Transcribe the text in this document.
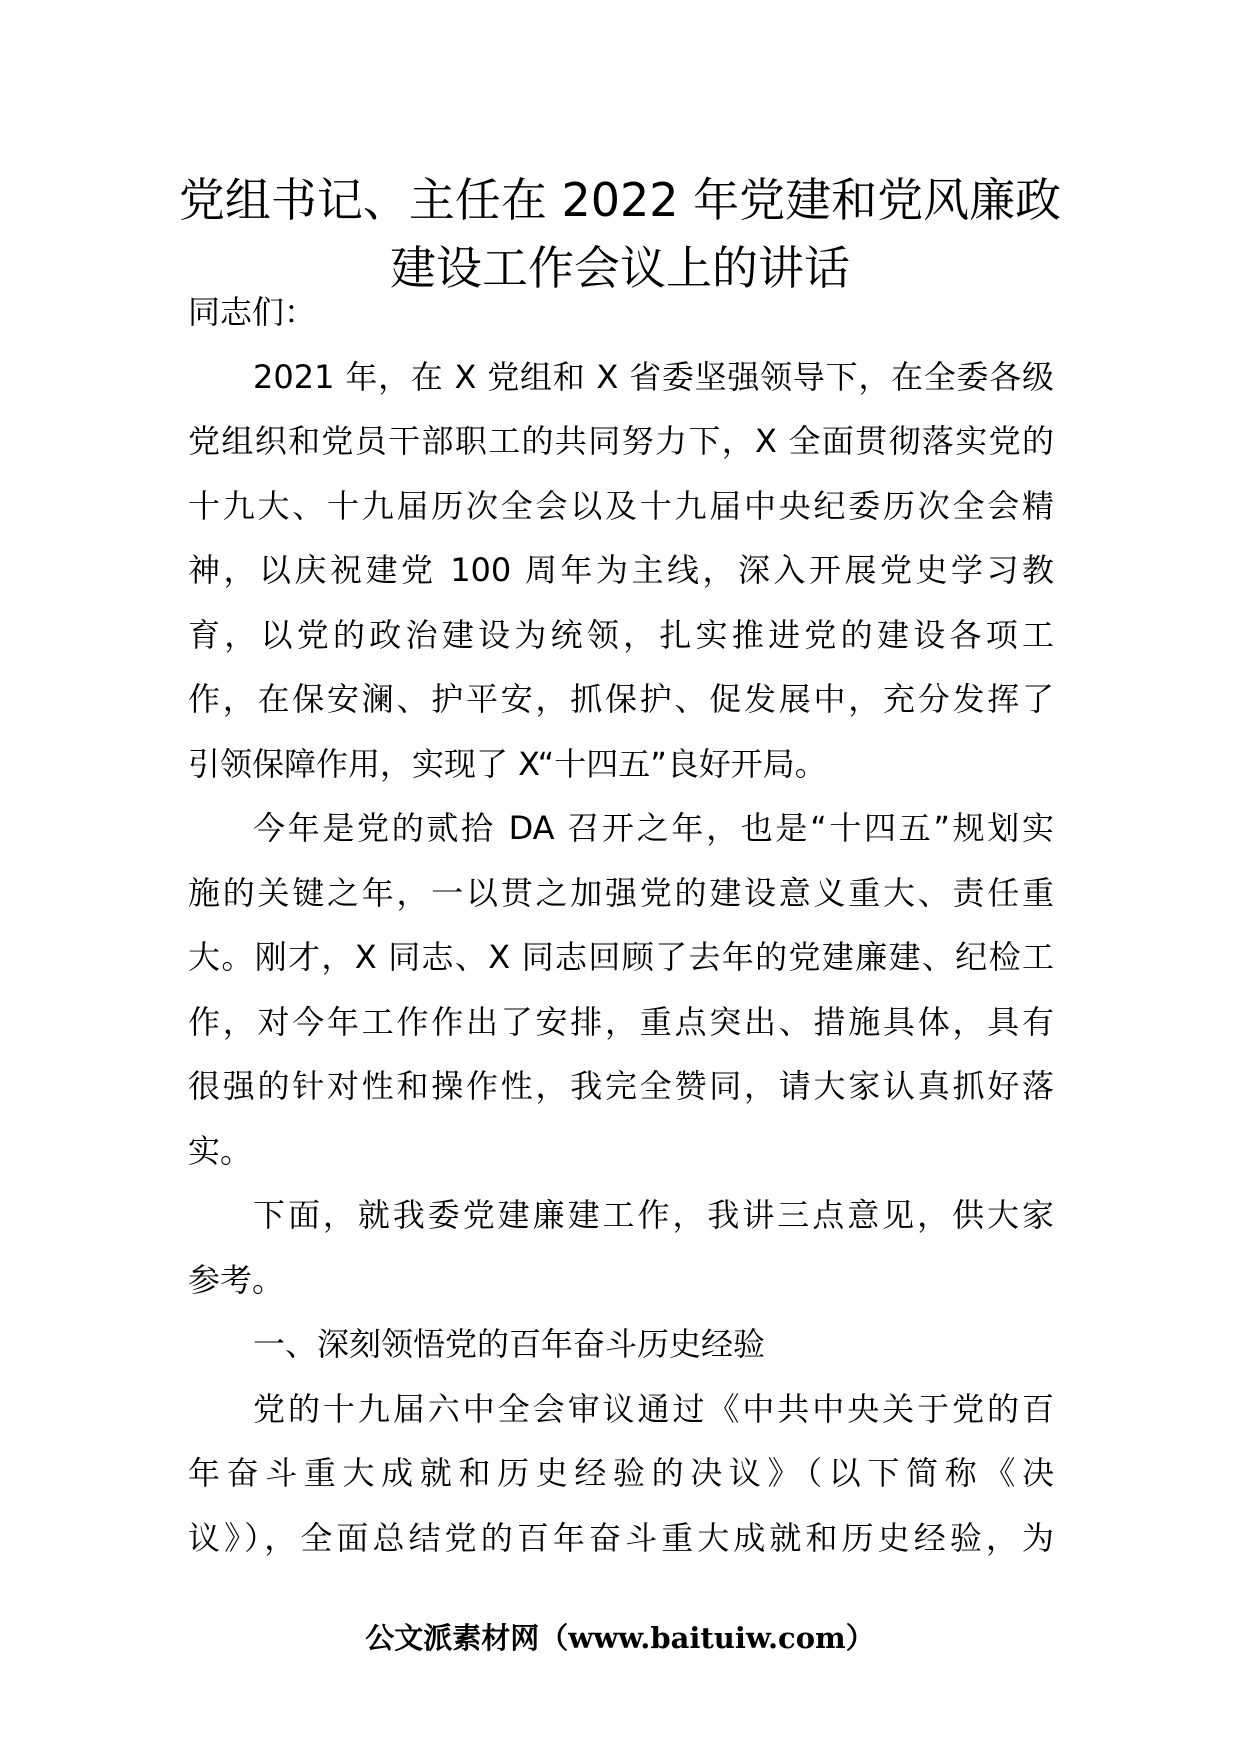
党组书记、主任在 2022 年党建和党风廉政
建设工作会议上的讲话
同志们：
2021 年，在 X 党组和 X 省委坚强领导下，在全委各级
党组织和党员干部职工的共同努力下，X 全面贯彻落实党的
十九大、十九届历次全会以及十九届中央纪委历次全会精
神，以庆祝建党 100 周年为主线，深入开展党史学习教
育，以党的政治建设为统领，扎实推进党的建设各项工
作，在保安澜、护平安，抓保护、促发展中，充分发挥了
引领保障作用，实现了 X“十四五”良好开局。
今年是党的贰拾 DA 召开之年，也是“十四五”规划实
施的关键之年，一以贯之加强党的建设意义重大、责任重
大。刚才，X 同志、X 同志回顾了去年的党建廉建、纪检工
作，对今年工作作出了安排，重点突出、措施具体，具有
很强的针对性和操作性，我完全赞同，请大家认真抓好落
实。
下面，就我委党建廉建工作，我讲三点意见，供大家
参考。
一、深刻领悟党的百年奋斗历史经验
党的十九届六中全会审议通过《中共中央关于党的百
年奋斗重大成就和历史经验的决议》（以下简称《决
议》），全面总结党的百年奋斗重大成就和历史经验，为
公文派素材网（www.baituiw.com）
